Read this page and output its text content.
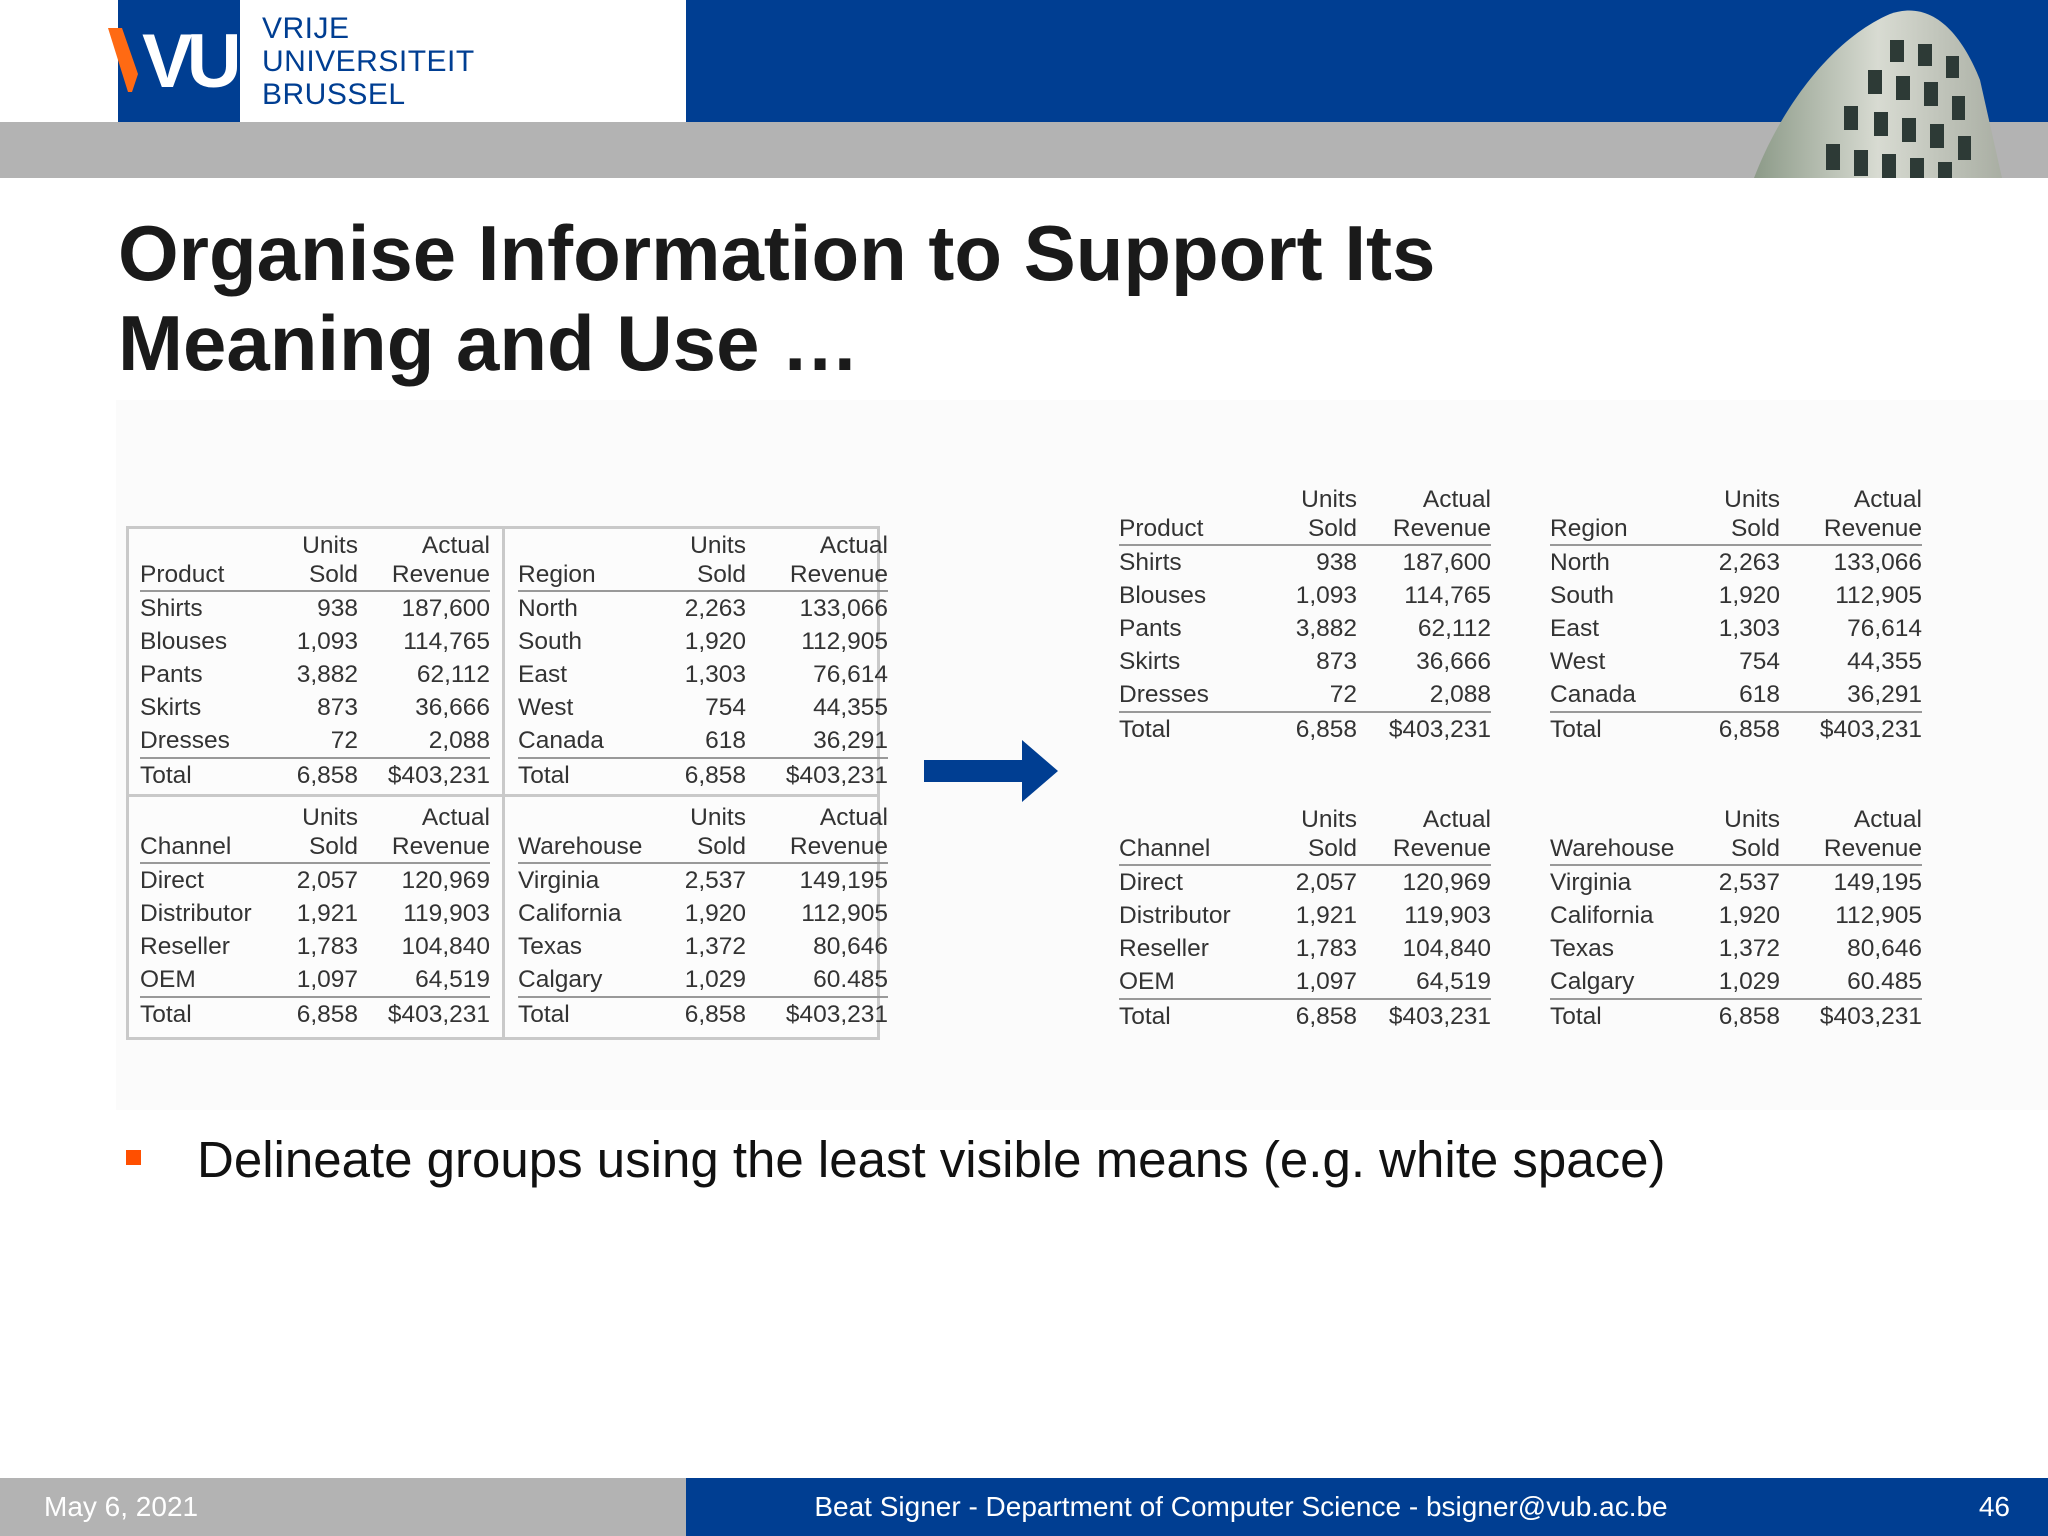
VUB
VRIJE
UNIVERSITEIT
BRUSSEL
Organise Information to Support Its
Meaning and Use …
	Units	Actual
Product	Sold	Revenue
Shirts	938	187,600
Blouses	1,093	114,765
Pants	3,882	62,112
Skirts	873	36,666
Dresses	72	2,088
Total	6,858	$403,231
	Units	Actual
Region	Sold	Revenue
North	2,263	133,066
South	1,920	112,905
East	1,303	76,614
West	754	44,355
Canada	618	36,291
Total	6,858	$403,231
	Units	Actual
Channel	Sold	Revenue
Direct	2,057	120,969
Distributor	1,921	119,903
Reseller	1,783	104,840
OEM	1,097	64,519
Total	6,858	$403,231
	Units	Actual
Warehouse	Sold	Revenue
Virginia	2,537	149,195
California	1,920	112,905
Texas	1,372	80,646
Calgary	1,029	60.485
Total	6,858	$403,231
	Units	Actual
Product	Sold	Revenue
Shirts	938	187,600
Blouses	1,093	114,765
Pants	3,882	62,112
Skirts	873	36,666
Dresses	72	2,088
Total	6,858	$403,231
	Units	Actual
Region	Sold	Revenue
North	2,263	133,066
South	1,920	112,905
East	1,303	76,614
West	754	44,355
Canada	618	36,291
Total	6,858	$403,231
	Units	Actual
Channel	Sold	Revenue
Direct	2,057	120,969
Distributor	1,921	119,903
Reseller	1,783	104,840
OEM	1,097	64,519
Total	6,858	$403,231
	Units	Actual
Warehouse	Sold	Revenue
Virginia	2,537	149,195
California	1,920	112,905
Texas	1,372	80,646
Calgary	1,029	60.485
Total	6,858	$403,231

Delineate groups using the least visible means (e.g. white space)

May 6, 2021	Beat Signer - Department of Computer Science - bsigner@vub.ac.be	46
